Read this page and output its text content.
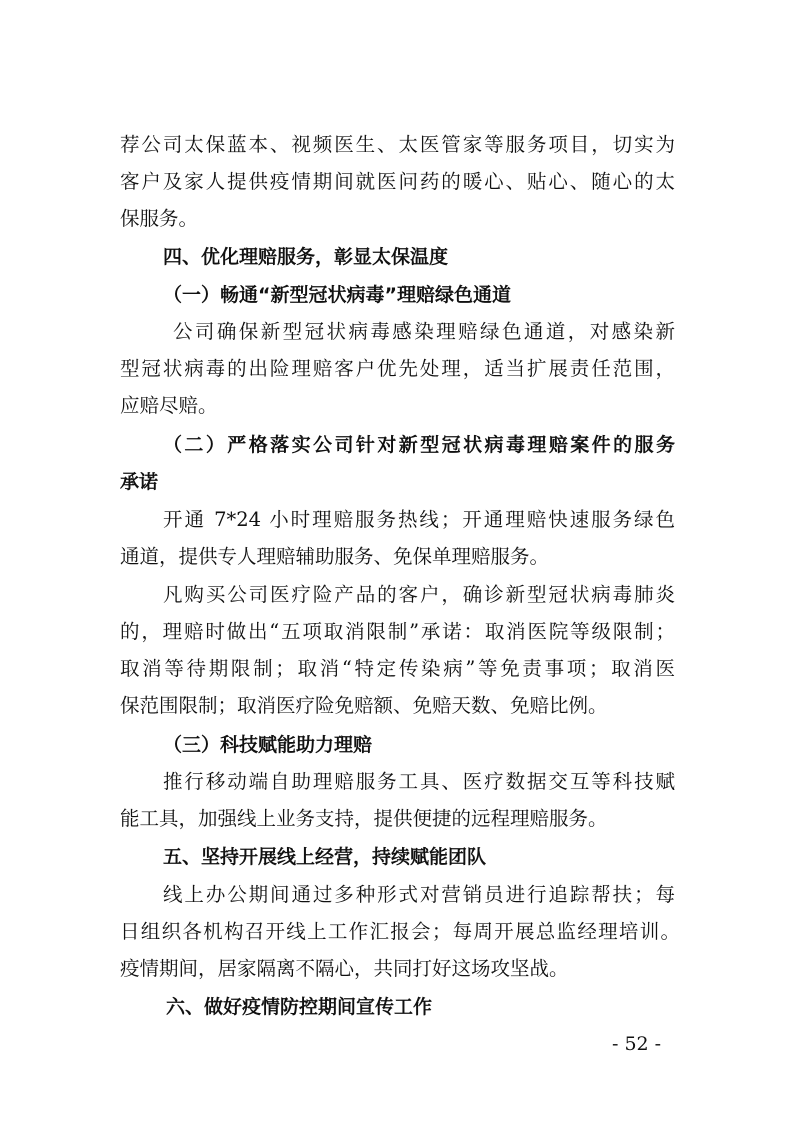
荐公司太保蓝本、视频医生、太医管家等服务项目，切实为
客户及家人提供疫情期间就医问药的暖心、贴心、随心的太
保服务。
四、优化理赔服务，彰显太保温度
（一）畅通“新型冠状病毒”理赔绿色通道
公司确保新型冠状病毒感染理赔绿色通道，对感染新
型冠状病毒的出险理赔客户优先处理，适当扩展责任范围，
应赔尽赔。
（二）严格落实公司针对新型冠状病毒理赔案件的服务
承诺
开通 7*24 小时理赔服务热线；开通理赔快速服务绿色
通道，提供专人理赔辅助服务、免保单理赔服务。
凡购买公司医疗险产品的客户，确诊新型冠状病毒肺炎
的，理赔时做出“五项取消限制”承诺：取消医院等级限制；
取消等待期限制；取消“特定传染病”等免责事项；取消医
保范围限制；取消医疗险免赔额、免赔天数、免赔比例。
（三）科技赋能助力理赔
推行移动端自助理赔服务工具、医疗数据交互等科技赋
能工具，加强线上业务支持，提供便捷的远程理赔服务。
五、坚持开展线上经营，持续赋能团队
线上办公期间通过多种形式对营销员进行追踪帮扶；每
日组织各机构召开线上工作汇报会；每周开展总监经理培训。
疫情期间，居家隔离不隔心，共同打好这场攻坚战。
六、做好疫情防控期间宣传工作
- 52 -
